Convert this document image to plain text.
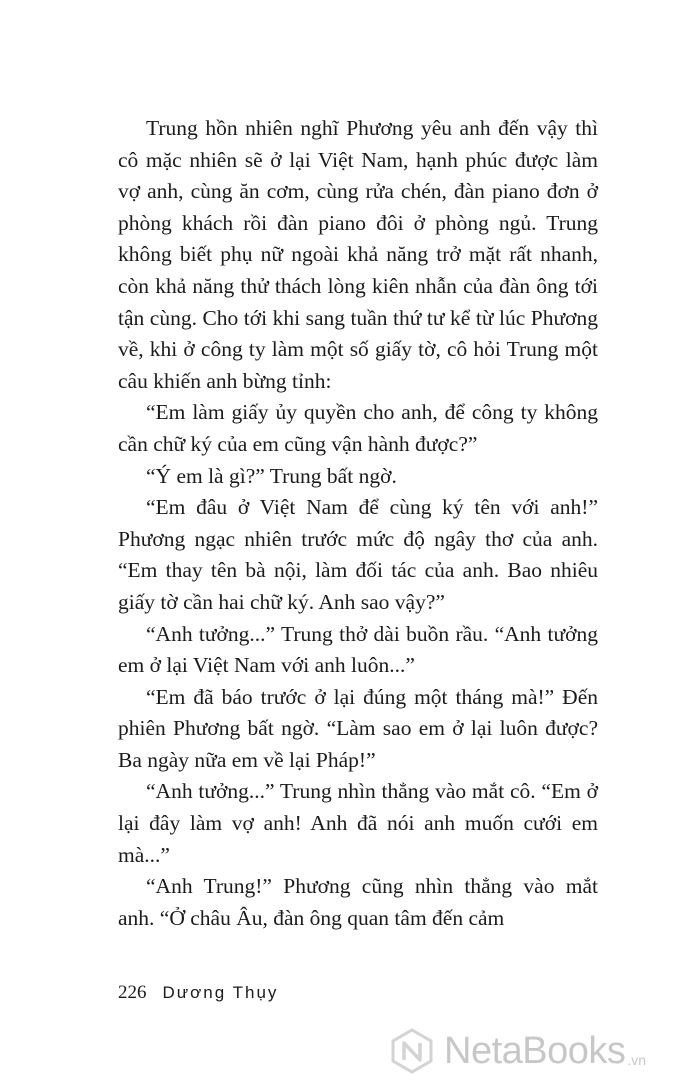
Trung hồn nhiên nghĩ Phương yêu anh đến vậy thì cô mặc nhiên sẽ ở lại Việt Nam, hạnh phúc được làm vợ anh, cùng ăn cơm, cùng rửa chén, đàn piano đơn ở phòng khách rồi đàn piano đôi ở phòng ngủ. Trung không biết phụ nữ ngoài khả năng trở mặt rất nhanh, còn khả năng thử thách lòng kiên nhẫn của đàn ông tới tận cùng. Cho tới khi sang tuần thứ tư kể từ lúc Phương về, khi ở công ty làm một số giấy tờ, cô hỏi Trung một câu khiến anh bừng tỉnh:

“Em làm giấy ủy quyền cho anh, để công ty không cần chữ ký của em cũng vận hành được?”

“Ý em là gì?” Trung bất ngờ.

“Em đâu ở Việt Nam để cùng ký tên với anh!” Phương ngạc nhiên trước mức độ ngây thơ của anh. “Em thay tên bà nội, làm đối tác của anh. Bao nhiêu giấy tờ cần hai chữ ký. Anh sao vậy?”

“Anh tưởng...” Trung thở dài buồn rầu. “Anh tưởng em ở lại Việt Nam với anh luôn...”

“Em đã báo trước ở lại đúng một tháng mà!” Đến phiên Phương bất ngờ. “Làm sao em ở lại luôn được? Ba ngày nữa em về lại Pháp!”

“Anh tưởng...” Trung nhìn thẳng vào mắt cô. “Em ở lại đây làm vợ anh! Anh đã nói anh muốn cưới em mà...”

“Anh Trung!” Phương cũng nhìn thẳng vào mắt anh. “Ở châu Âu, đàn ông quan tâm đến cảm

226 Dương Thụy
NetaBooks .vn
